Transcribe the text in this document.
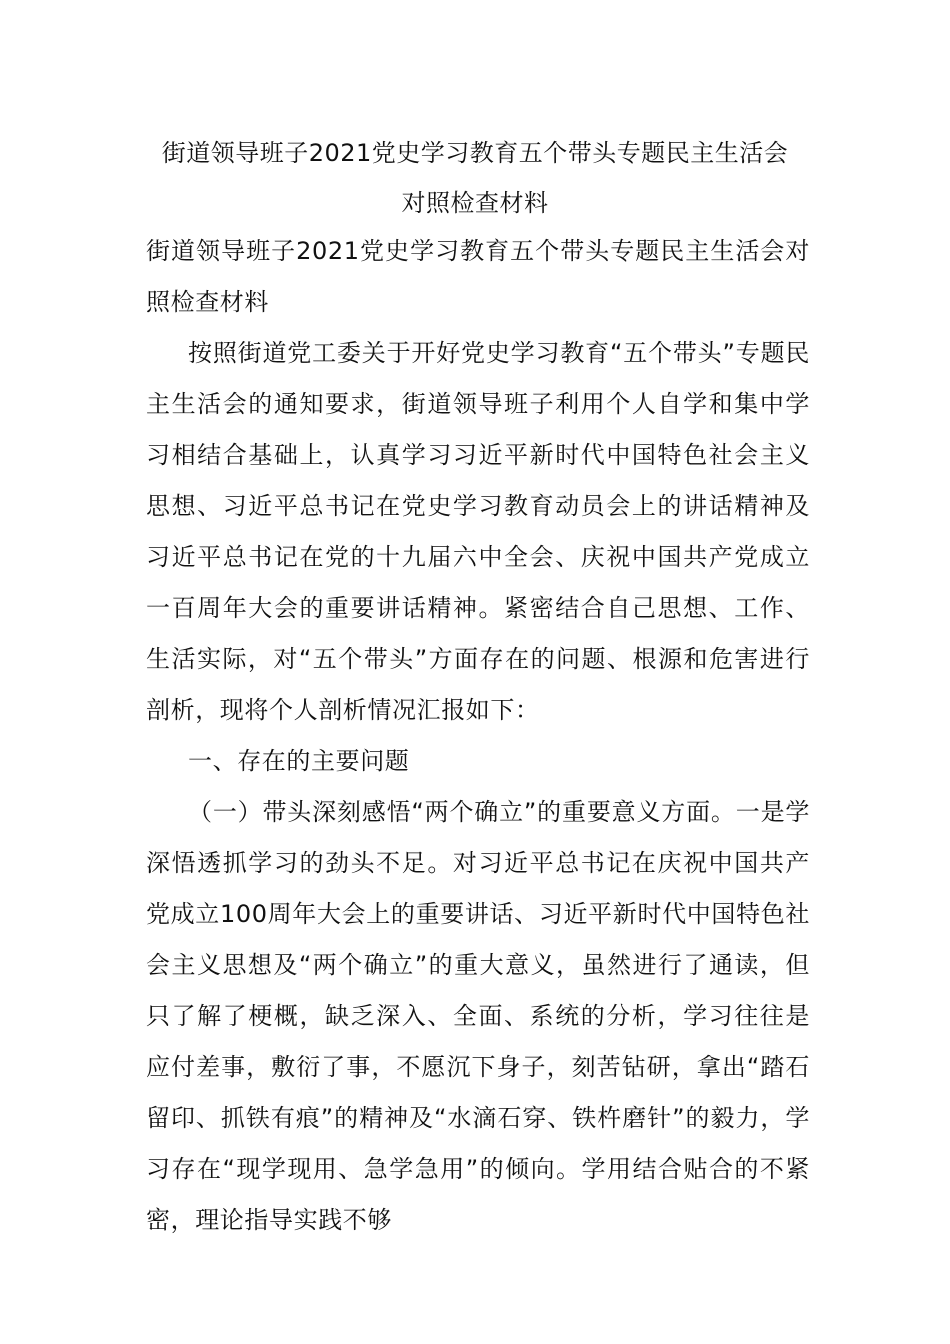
街道领导班子2021党史学习教育五个带头专题民主生活会
对照检查材料

街道领导班子2021党史学习教育五个带头专题民主生活会对照检查材料

按照街道党工委关于开好党史学习教育“五个带头”专题民主生活会的通知要求，街道领导班子利用个人自学和集中学习相结合基础上，认真学习习近平新时代中国特色社会主义思想、习近平总书记在党史学习教育动员会上的讲话精神及习近平总书记在党的十九届六中全会、庆祝中国共产党成立一百周年大会的重要讲话精神。紧密结合自己思想、工作、生活实际，对“五个带头”方面存在的问题、根源和危害进行剖析，现将个人剖析情况汇报如下：

一、存在的主要问题

（一）带头深刻感悟“两个确立”的重要意义方面。一是学深悟透抓学习的劲头不足。对习近平总书记在庆祝中国共产党成立100周年大会上的重要讲话、习近平新时代中国特色社会主义思想及“两个确立”的重大意义，虽然进行了通读，但只了解了梗概，缺乏深入、全面、系统的分析，学习往往是应付差事，敷衍了事，不愿沉下身子，刻苦钻研，拿出“踏石留印、抓铁有痕”的精神及“水滴石穿、铁杵磨针”的毅力，学习存在“现学现用、急学急用”的倾向。学用结合贴合的不紧密，理论指导实践不够
